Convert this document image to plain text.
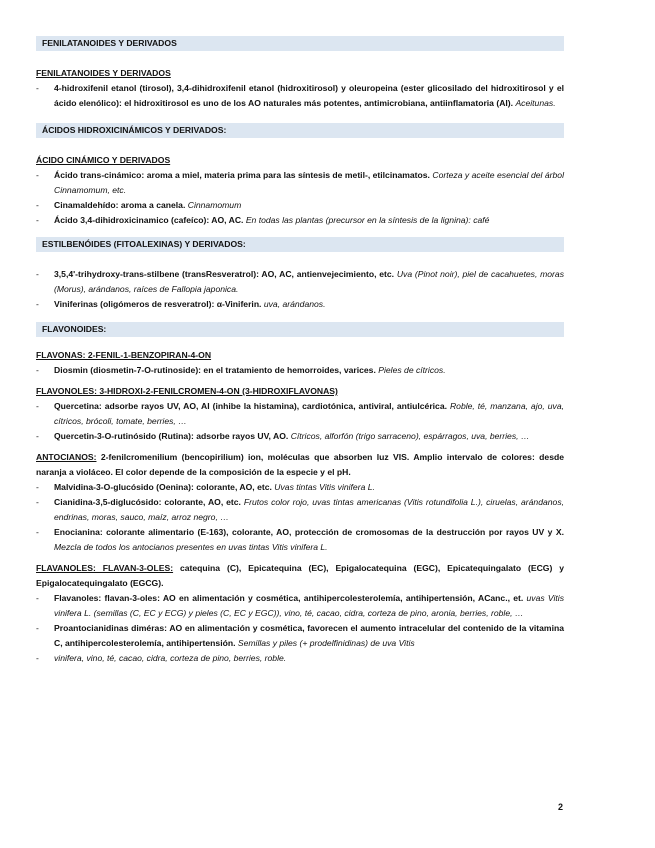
FENILATANOIDES Y DERIVADOS

FENILATANOIDES Y DERIVADOS

- 4-hidroxifenil etanol (tirosol), 3,4-dihidroxifenil etanol (hidroxitirosol) y oleuropeina (ester glicosilado del hidroxitirosol y el ácido elenólico): el hidroxitirosol es uno de los AO naturales más potentes, antimicrobiana, antiinflamatoria (AI). Aceitunas.
ÁCIDOS HIDROXICINÁMICOS Y DERIVADOS:

ÁCIDO CINÁMICO Y DERIVADOS

- Ácido trans-cinámico: aroma a miel, materia prima para las síntesis de metil-, etilcinamatos. Corteza y aceite esencial del árbol Cinnamomum, etc.
- Cinamaldehído: aroma a canela. Cinnamomum
- Ácido 3,4-dihidroxicinamico (cafeíco): AO, AC. En todas las plantas (precursor en la síntesis de la lignina): café
ESTILBENÓIDES (FITOALEXINAS) Y DERIVADOS:
- 3,5,4'-trihydroxy-trans-stilbene (transResveratrol): AO, AC, antienvejecimiento, etc. Uva (Pinot noir), piel de cacahuetes, moras (Morus), arándanos, raíces de Fallopia japonica.
- Viniferinas (oligómeros de resveratrol): α-Viniferin. uva, arándanos.
FLAVONOIDES:

FLAVONAS: 2-FENIL-1-BENZOPIRAN-4-ON

- Diosmin (diosmetin-7-O-rutinoside): en el tratamiento de hemorroides, varices. Pieles de cítricos.

FLAVONOLES: 3-HIDROXI-2-FENILCROMEN-4-ON (3-HIDROXIFLAVONAS)

- Quercetina: adsorbe rayos UV, AO, AI (inhibe la histamina), cardiotónica, antiviral, antiulcérica. Roble, té, manzana, ajo, uva, cítricos, brócoli, tomate, berries, …
- Quercetin-3-O-rutinósido (Rutina): adsorbe rayos UV, AO. Cítricos, alforfón (trigo sarraceno), espárragos, uva, berries, …

ANTOCIANOS: 2-fenilcromenilium (bencopirilium) ion, moléculas que absorben luz VIS. Amplio intervalo de colores: desde naranja a violáceo. El color depende de la composición de la especie y el pH.

- Malvidina-3-O-glucósido (Oenina): colorante, AO, etc. Uvas tintas Vitis vinifera L.
- Cianidina-3,5-diglucósido: colorante, AO, etc. Frutos color rojo, uvas tintas americanas (Vitis rotundifolia L.), ciruelas, arándanos, endrinas, moras, sauco, maíz, arroz negro, …
- Enocianina: colorante alimentario (E-163), colorante, AO, protección de cromosomas de la destrucción por rayos UV y X. Mezcla de todos los antocianos presentes en uvas tintas Vitis vinifera L.

FLAVANOLES: FLAVAN-3-OLES: catequina (C), Epicatequina (EC), Epigalocatequina (EGC), Epicatequingalato (ECG) y Epigalocatequingalato (EGCG).

- Flavanoles: flavan-3-oles: AO en alimentación y cosmética, antihipercolesterolemía, antihipertensión, ACanc., et. uvas Vitis vinifera L. (semillas (C, EC y ECG) y pieles (C, EC y EGC)), vino, té, cacao, cidra, corteza de pino, aronia, berries, roble, …
- Proantocianidinas diméras: AO en alimentación y cosmética, favorecen el aumento intracelular del contenido de la vitamina C, antihipercolesterolemía, antihipertensión. Semillas y piles (+ prodelfinidinas) de uva Vitis
- vinifera, vino, té, cacao, cidra, corteza de pino, berries, roble.
2
